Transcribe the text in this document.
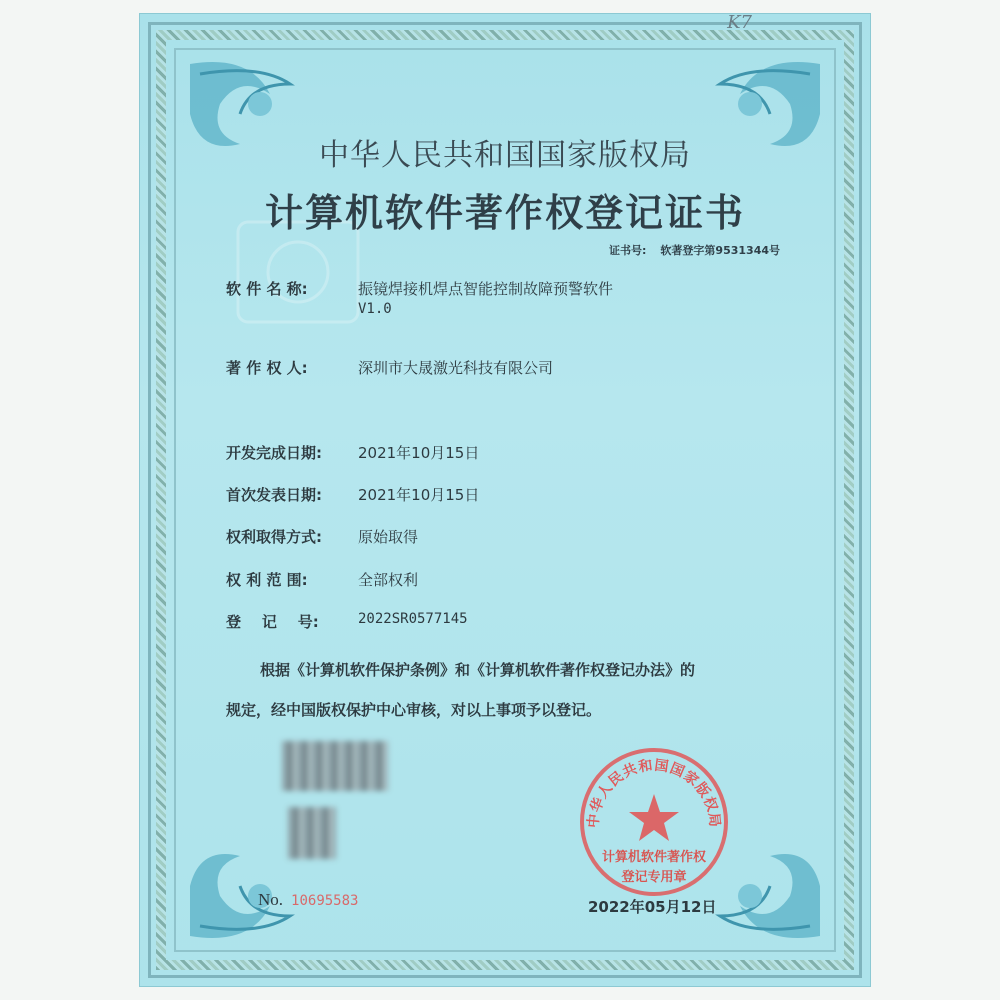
K7
中华人民共和国国家版权局
计算机软件著作权登记证书
证书号: 软著登字第9531344号
软 件 名 称:	振镜焊接机焊点智能控制故障预警软件
V1.0
著 作 权 人:	深圳市大晟激光科技有限公司
开发完成日期: 2021年10月15日
首次发表日期: 2021年10月15日
权利取得方式: 原始取得
权 利 范 围:	全部权利
登    记    号:	2022SR0577145
根据《计算机软件保护条例》和《计算机软件著作权登记办法》的
规定，经中国版权保护中心审核，对以上事项予以登记。
No. 10695583
中华人民共和国国家版权局
计算机软件著作权
登记专用章
2022年05月12日
